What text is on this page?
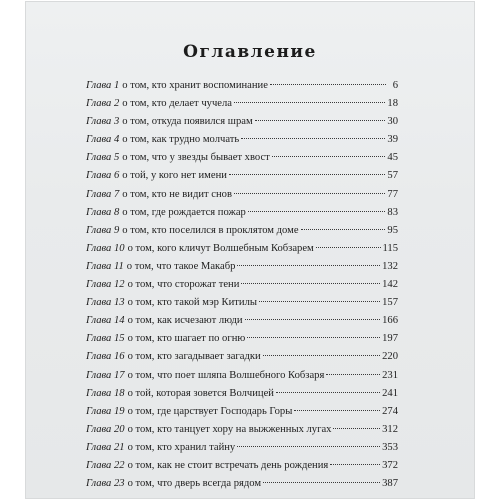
Оглавление
Глава 1 о том, кто хранит воспоминание	6
Глава 2 о том, кто делает чучела	18
Глава 3 о том, откуда появился шрам	30
Глава 4 о том, как трудно молчать	39
Глава 5 о том, что у звезды бывает хвост	45
Глава 6 о той, у кого нет имени	57
Глава 7 о том, кто не видит снов	77
Глава 8 о том, где рождается пожар	83
Глава 9 о том, кто поселился в проклятом доме	95
Глава 10 о том, кого кличут Волшебным Кобзарем	115
Глава 11 о том, что такое Макабр	132
Глава 12 о том, что сторожат тени	142
Глава 13 о том, кто такой мэр Китилы	157
Глава 14 о том, как исчезают люди	166
Глава 15 о том, кто шагает по огню	197
Глава 16 о том, кто загадывает загадки	220
Глава 17 о том, что поет шляпа Волшебного Кобзаря	231
Глава 18 о той, которая зовется Волчицей	241
Глава 19 о том, где царствует Господарь Горы	274
Глава 20 о том, кто танцует хору на выжженных лугах	312
Глава 21 о том, кто хранил тайну	353
Глава 22 о том, как не стоит встречать день рождения	372
Глава 23 о том, что дверь всегда рядом	387
